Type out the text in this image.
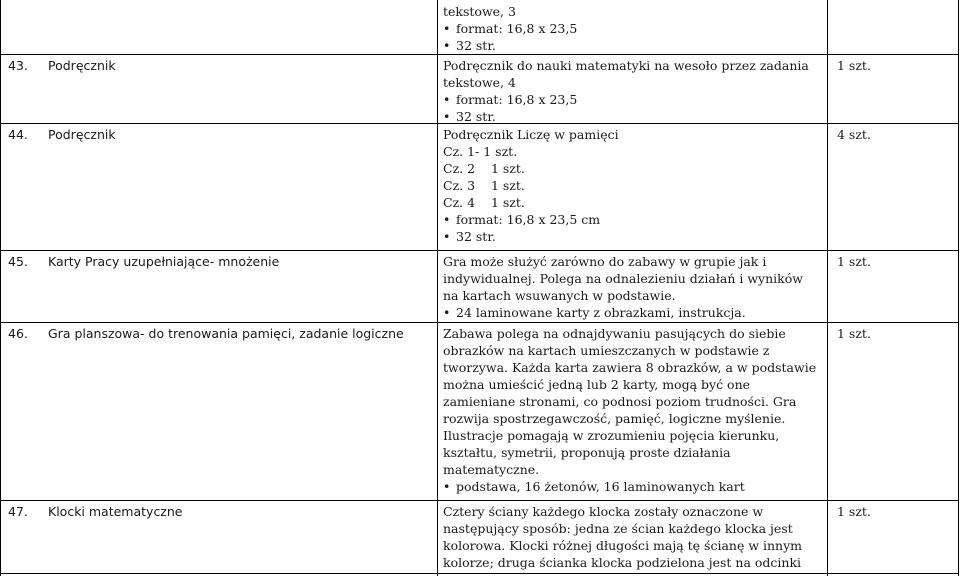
tekstowe, 3
• format: 16,8 x 23,5
• 32 str.
43. Podręcznik	Podręcznik do nauki matematyki na wesoło przez zadania
tekstowe, 4
• format: 16,8 x 23,5
• 32 str.
1 szt.
44. Podręcznik	Podręcznik Liczę w pamięci
Cz. 1- 1 szt.
Cz. 2    1 szt.
Cz. 3    1 szt.
Cz. 4    1 szt.
• format: 16,8 x 23,5 cm
• 32 str.
4 szt.
45. Karty Pracy uzupełniające- mnożenie	Gra może służyć zarówno do zabawy w grupie jak i
indywidualnej. Polega na odnalezieniu działań i wyników
na kartach wsuwanych w podstawie.
• 24 laminowane karty z obrazkami, instrukcja.
1 szt.
46. Gra planszowa- do trenowania pamięci, zadanie logiczne	Zabawa polega na odnajdywaniu pasujących do siebie
obrazków na kartach umieszczanych w podstawie z
tworzywa. Każda karta zawiera 8 obrazków, a w podstawie
można umieścić jedną lub 2 karty, mogą być one
zamieniane stronami, co podnosi poziom trudności. Gra
rozwija spostrzegawczość, pamięć, logiczne myślenie.
Ilustracje pomagają w zrozumieniu pojęcia kierunku,
kształtu, symetrii, proponują proste działania
matematyczne.
• podstawa, 16 żetonów, 16 laminowanych kart
1 szt.
47. Klocki matematyczne	Cztery ściany każdego klocka zostały oznaczone w
następujący sposób: jedna ze ścian każdego klocka jest
kolorowa. Klocki różnej długości mają tę ścianę w innym
kolorze; druga ścianka klocka podzielona jest na odcinki
1 szt.
